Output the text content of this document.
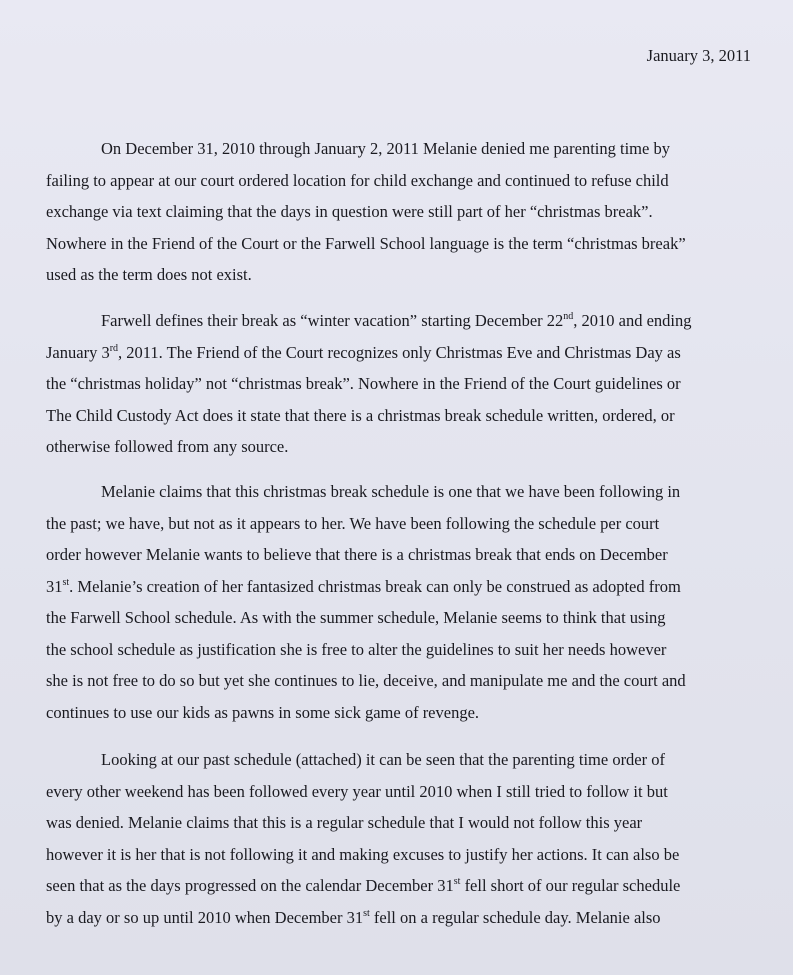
January 3, 2011
On December 31, 2010 through January 2, 2011 Melanie denied me parenting time by
failing to appear at our court ordered location for child exchange and continued to refuse child
exchange via text claiming that the days in question were still part of her “christmas break”.
Nowhere in the Friend of the Court or the Farwell School language is the term “christmas break”
used as the term does not exist.
Farwell defines their break as “winter vacation” starting December 22nd, 2010 and ending
January 3rd, 2011. The Friend of the Court recognizes only Christmas Eve and Christmas Day as
the “christmas holiday” not “christmas break”. Nowhere in the Friend of the Court guidelines or
The Child Custody Act does it state that there is a christmas break schedule written, ordered, or
otherwise followed from any source.
Melanie claims that this christmas break schedule is one that we have been following in
the past; we have, but not as it appears to her. We have been following the schedule per court
order however Melanie wants to believe that there is a christmas break that ends on December
31st. Melanie’s creation of her fantasized christmas break can only be construed as adopted from
the Farwell School schedule. As with the summer schedule, Melanie seems to think that using
the school schedule as justification she is free to alter the guidelines to suit her needs however
she is not free to do so but yet she continues to lie, deceive, and manipulate me and the court and
continues to use our kids as pawns in some sick game of revenge.
Looking at our past schedule (attached) it can be seen that the parenting time order of
every other weekend has been followed every year until 2010 when I still tried to follow it but
was denied. Melanie claims that this is a regular schedule that I would not follow this year
however it is her that is not following it and making excuses to justify her actions. It can also be
seen that as the days progressed on the calendar December 31st fell short of our regular schedule
by a day or so up until 2010 when December 31st fell on a regular schedule day. Melanie also
